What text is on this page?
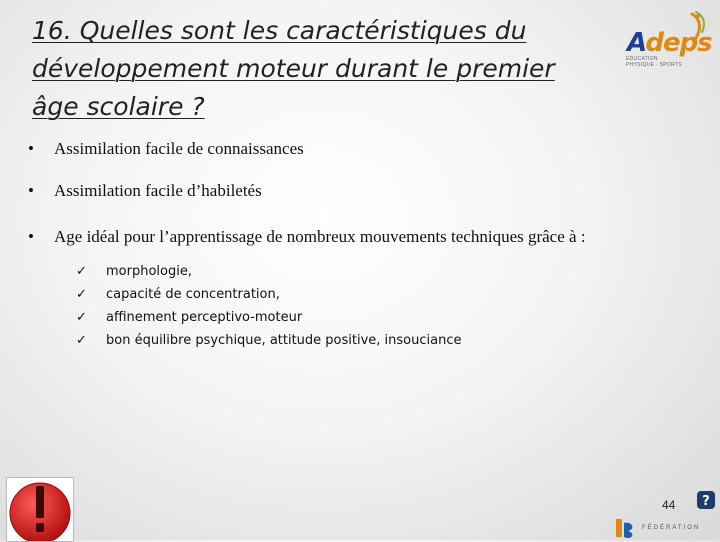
16. Quelles sont les caractéristiques du
développement moteur durant le premier
âge scolaire ?
Adeps
ÉDUCATION
PHYSIQUE · SPORTS
• Assimilation facile de connaissances
• Assimilation facile d’habiletés
• Age idéal pour l’apprentissage de nombreux mouvements techniques grâce à :
✓ morphologie,
✓ capacité de concentration,
✓ affinement perceptivo-moteur
✓ bon équilibre psychique, attitude positive, insouciance
44 ?
FÉDÉRATION
